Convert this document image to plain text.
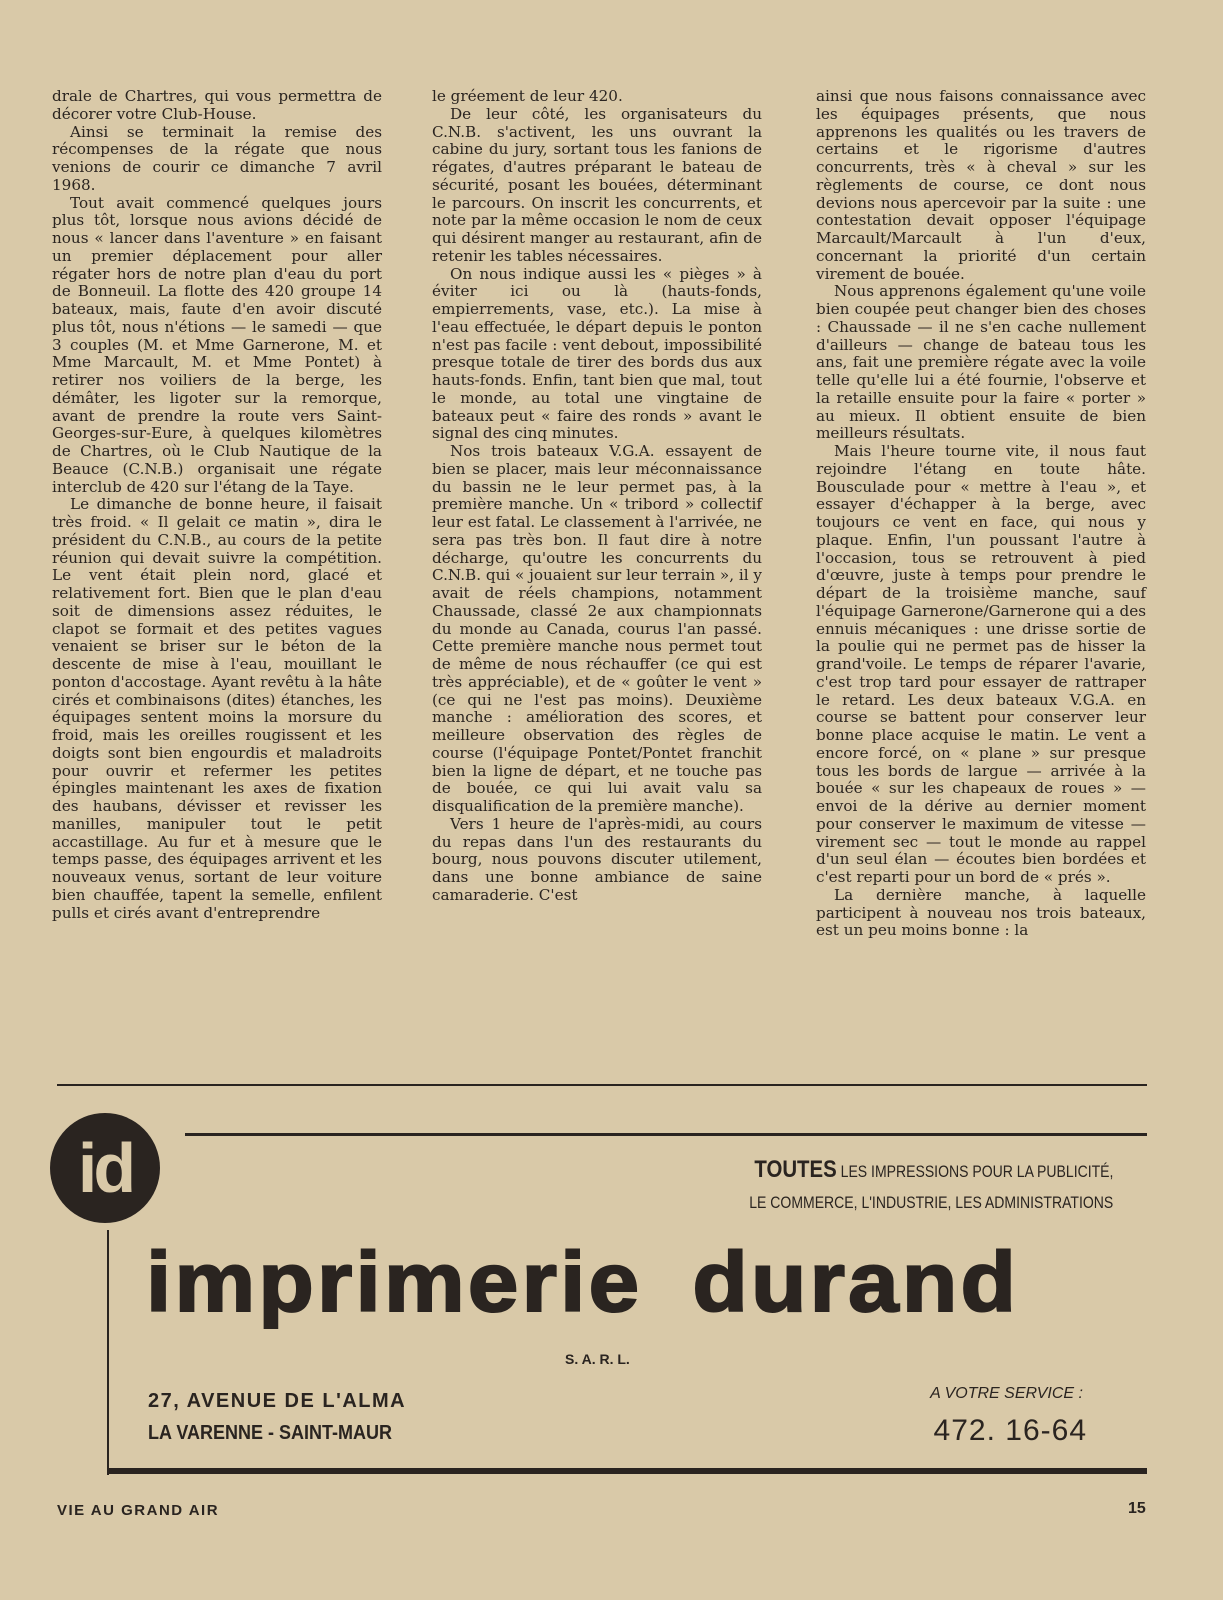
drale de Chartres, qui vous permettra de décorer votre Club-House.

Ainsi se terminait la remise des récompenses de la régate que nous venions de courir ce dimanche 7 avril 1968.

Tout avait commencé quelques jours plus tôt, lorsque nous avions décidé de nous « lancer dans l'aventure » en faisant un premier déplacement pour aller régater hors de notre plan d'eau du port de Bonneuil. La flotte des 420 groupe 14 bateaux, mais, faute d'en avoir discuté plus tôt, nous n'étions — le samedi — que 3 couples (M. et Mme Garnerone, M. et Mme Marcault, M. et Mme Pontet) à retirer nos voiliers de la berge, les démâter, les ligoter sur la remorque, avant de prendre la route vers Saint-Georges-sur-Eure, à quelques kilomètres de Chartres, où le Club Nautique de la Beauce (C.N.B.) organisait une régate interclub de 420 sur l'étang de la Taye.

Le dimanche de bonne heure, il faisait très froid. « Il gelait ce matin », dira le président du C.N.B., au cours de la petite réunion qui devait suivre la compétition. Le vent était plein nord, glacé et relativement fort. Bien que le plan d'eau soit de dimensions assez réduites, le clapot se formait et des petites vagues venaient se briser sur le béton de la descente de mise à l'eau, mouillant le ponton d'accostage. Ayant revêtu à la hâte cirés et combinaisons (dites) étanches, les équipages sentent moins la morsure du froid, mais les oreilles rougissent et les doigts sont bien engourdis et maladroits pour ouvrir et refermer les petites épingles maintenant les axes de fixation des haubans, dévisser et revisser les manilles, manipuler tout le petit accastillage. Au fur et à mesure que le temps passe, des équipages arrivent et les nouveaux venus, sortant de leur voiture bien chauffée, tapent la semelle, enfilent pulls et cirés avant d'entreprendre

le gréement de leur 420.

De leur côté, les organisateurs du C.N.B. s'activent, les uns ouvrant la cabine du jury, sortant tous les fanions de régates, d'autres préparant le bateau de sécurité, posant les bouées, déterminant le parcours. On inscrit les concurrents, et note par la même occasion le nom de ceux qui désirent manger au restaurant, afin de retenir les tables nécessaires.

On nous indique aussi les « pièges » à éviter ici ou là (hauts-fonds, empierrements, vase, etc.). La mise à l'eau effectuée, le départ depuis le ponton n'est pas facile : vent debout, impossibilité presque totale de tirer des bords dus aux hauts-fonds. Enfin, tant bien que mal, tout le monde, au total une vingtaine de bateaux peut « faire des ronds » avant le signal des cinq minutes.

Nos trois bateaux V.G.A. essayent de bien se placer, mais leur méconnaissance du bassin ne le leur permet pas, à la première manche. Un « tribord » collectif leur est fatal. Le classement à l'arrivée, ne sera pas très bon. Il faut dire à notre décharge, qu'outre les concurrents du C.N.B. qui « jouaient sur leur terrain », il y avait de réels champions, notamment Chaussade, classé 2e aux championnats du monde au Canada, courus l'an passé. Cette première manche nous permet tout de même de nous réchauffer (ce qui est très appréciable), et de « goûter le vent » (ce qui ne l'est pas moins). Deuxième manche : amélioration des scores, et meilleure observation des règles de course (l'équipage Pontet/Pontet franchit bien la ligne de départ, et ne touche pas de bouée, ce qui lui avait valu sa disqualification de la première manche).

Vers 1 heure de l'après-midi, au cours du repas dans l'un des restaurants du bourg, nous pouvons discuter utilement, dans une bonne ambiance de saine camaraderie. C'est

ainsi que nous faisons connaissance avec les équipages présents, que nous apprenons les qualités ou les travers de certains et le rigorisme d'autres concurrents, très « à cheval » sur les règlements de course, ce dont nous devions nous apercevoir par la suite : une contestation devait opposer l'équipage Marcault/Marcault à l'un d'eux, concernant la priorité d'un certain virement de bouée.

Nous apprenons également qu'une voile bien coupée peut changer bien des choses : Chaussade — il ne s'en cache nullement d'ailleurs — change de bateau tous les ans, fait une première régate avec la voile telle qu'elle lui a été fournie, l'observe et la retaille ensuite pour la faire « porter » au mieux. Il obtient ensuite de bien meilleurs résultats.

Mais l'heure tourne vite, il nous faut rejoindre l'étang en toute hâte. Bousculade pour « mettre à l'eau », et essayer d'échapper à la berge, avec toujours ce vent en face, qui nous y plaque. Enfin, l'un poussant l'autre à l'occasion, tous se retrouvent à pied d'œuvre, juste à temps pour prendre le départ de la troisième manche, sauf l'équipage Garnerone/Garnerone qui a des ennuis mécaniques : une drisse sortie de la poulie qui ne permet pas de hisser la grand'voile. Le temps de réparer l'avarie, c'est trop tard pour essayer de rattraper le retard. Les deux bateaux V.G.A. en course se battent pour conserver leur bonne place acquise le matin. Le vent a encore forcé, on « plane » sur presque tous les bords de largue — arrivée à la bouée « sur les chapeaux de roues » — envoi de la dérive au dernier moment pour conserver le maximum de vitesse — virement sec — tout le monde au rappel d'un seul élan — écoutes bien bordées et c'est reparti pour un bord de « prés ».

La dernière manche, à laquelle participent à nouveau nos trois bateaux, est un peu moins bonne : la

id	TOUTES LES IMPRESSIONS POUR LA PUBLICITÉ,
LE COMMERCE, L'INDUSTRIE, LES ADMINISTRATIONS
imprimerie durand
S. A. R. L.
27, AVENUE DE L'ALMA
LA VARENNE - SAINT-MAUR
A VOTRE SERVICE :
472. 16-64
VIE AU GRAND AIR	15
